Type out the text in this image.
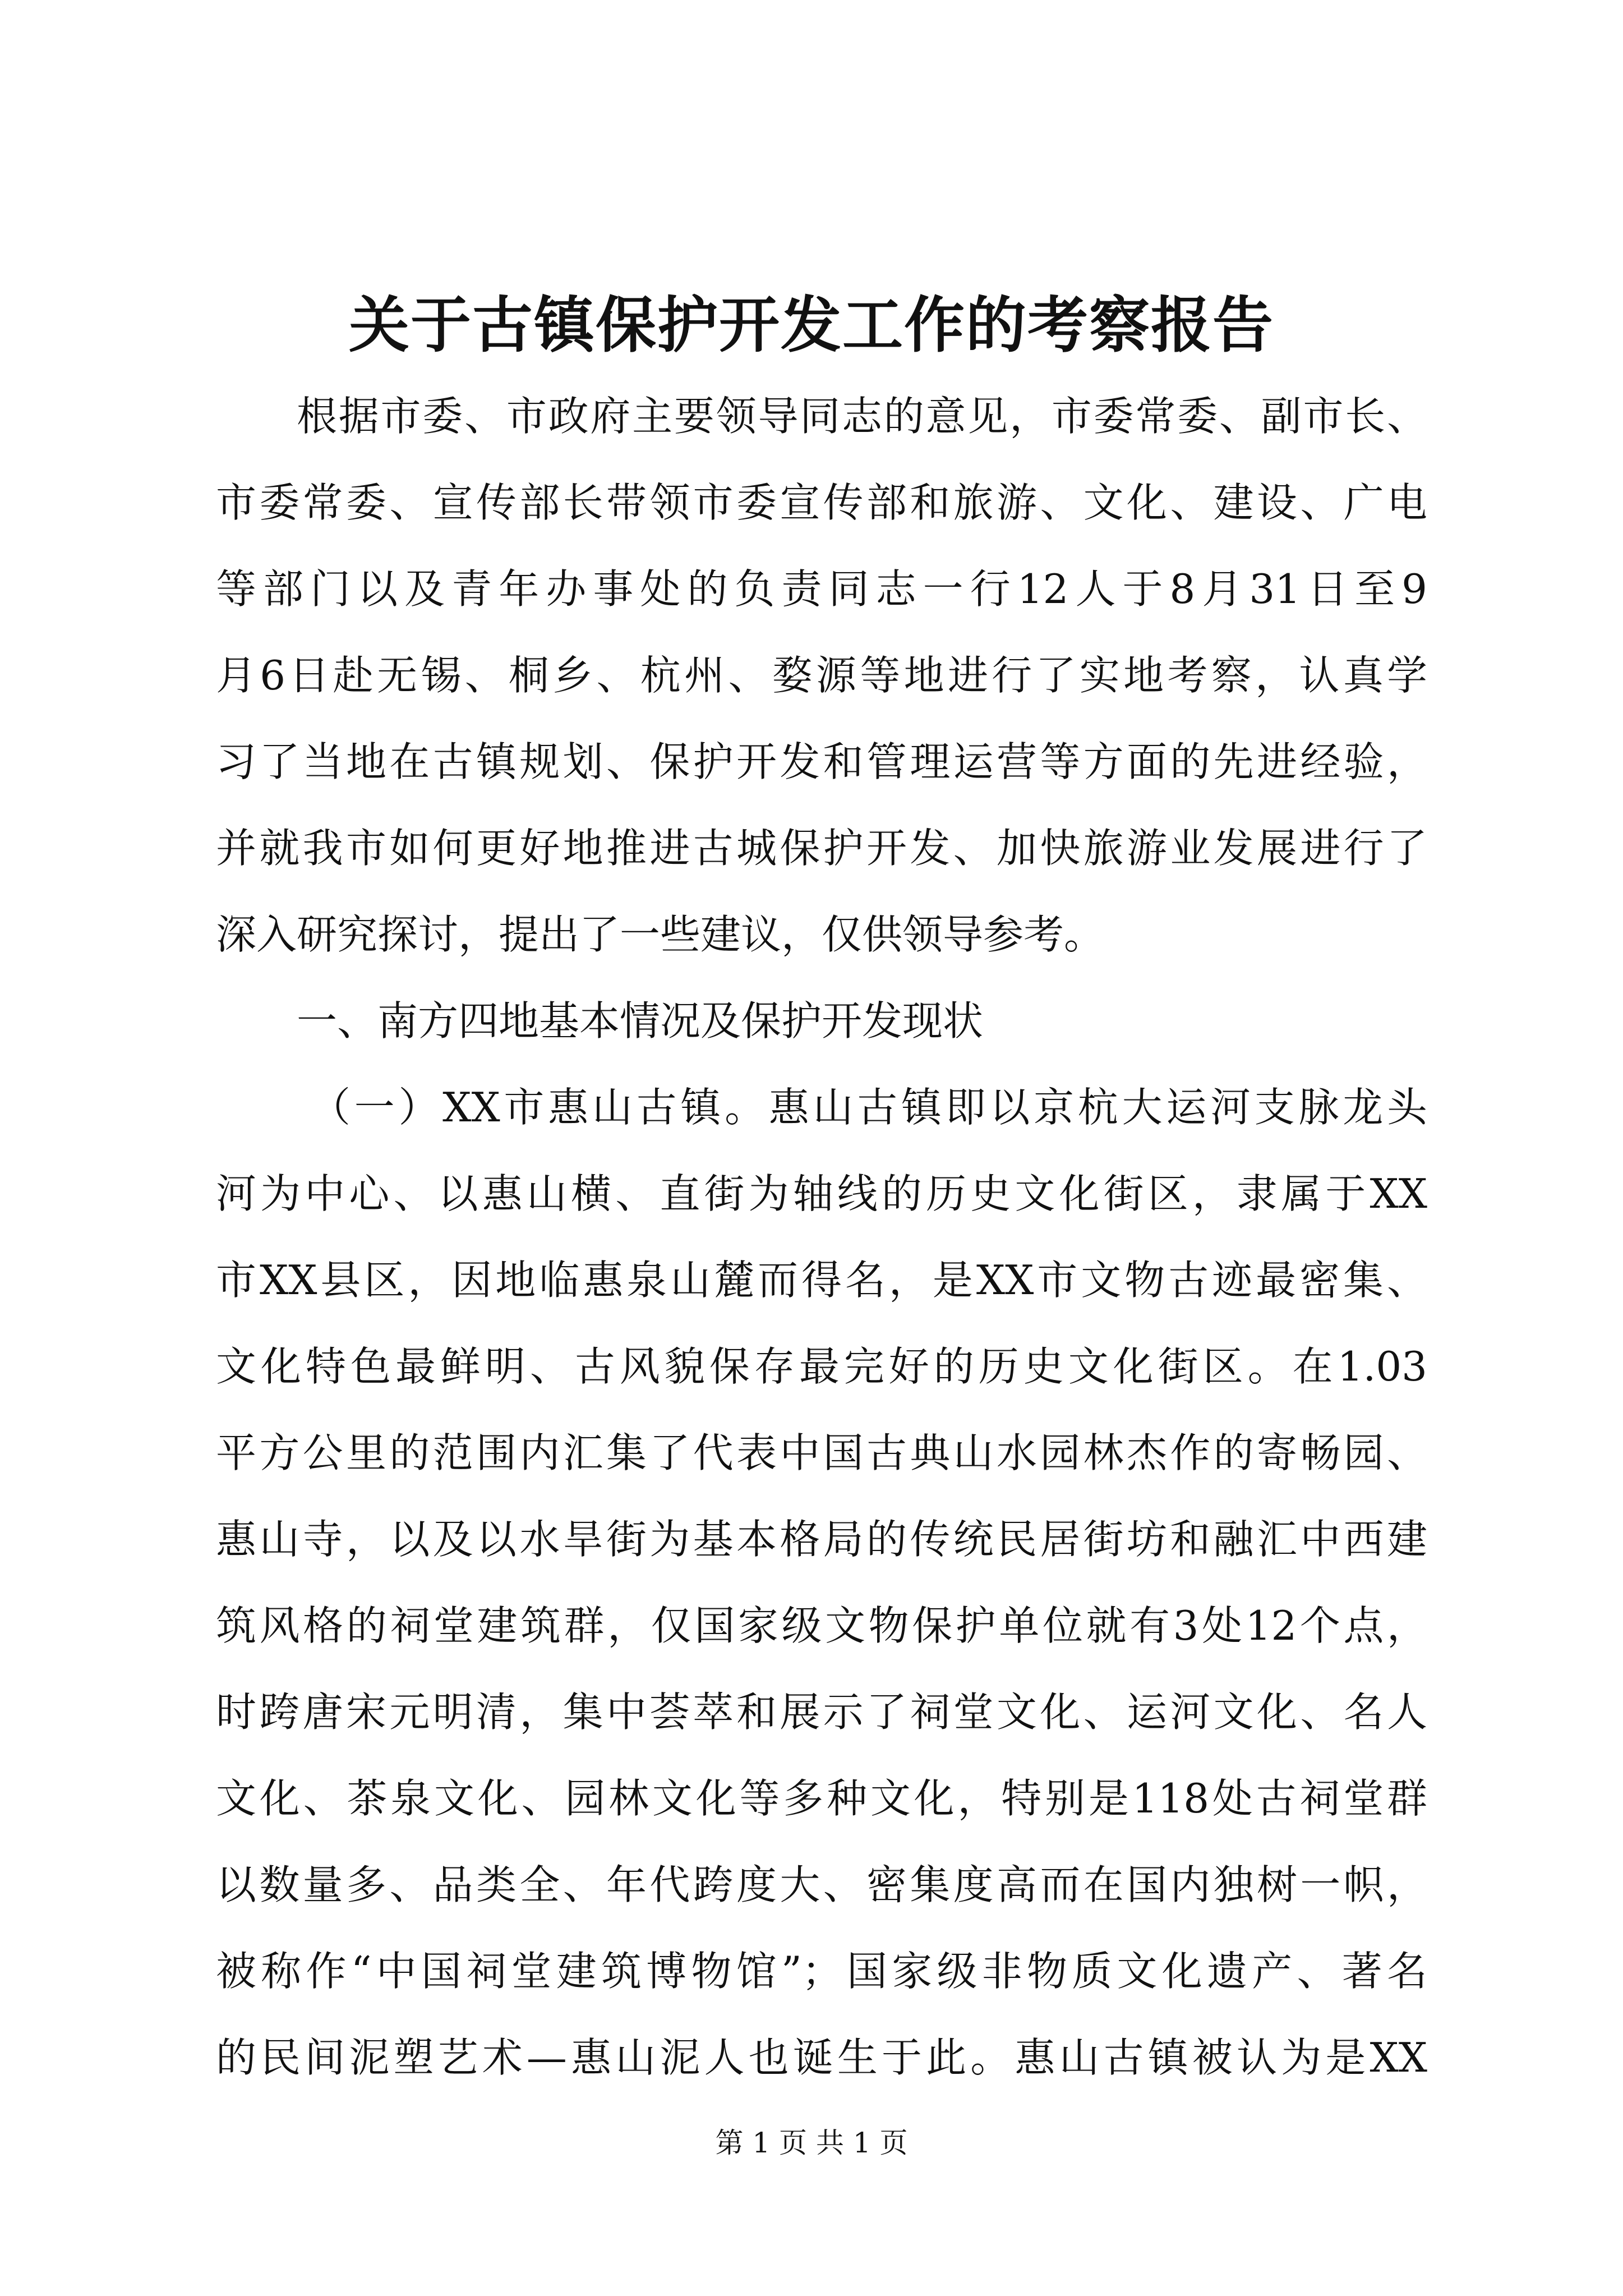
关于古镇保护开发工作的考察报告
根据市委、市政府主要领导同志的意见，市委常委、副市长、
市委常委、宣传部长带领市委宣传部和旅游、文化、建设、广电
等部门以及青年办事处的负责同志一行12人于8月31日至9
月6日赴无锡、桐乡、杭州、婺源等地进行了实地考察，认真学
习了当地在古镇规划、保护开发和管理运营等方面的先进经验，
并就我市如何更好地推进古城保护开发、加快旅游业发展进行了
深入研究探讨，提出了一些建议，仅供领导参考。
一、南方四地基本情况及保护开发现状
（一）XX市惠山古镇。惠山古镇即以京杭大运河支脉龙头
河为中心、以惠山横、直街为轴线的历史文化街区，隶属于XX
市XX县区，因地临惠泉山麓而得名，是XX市文物古迹最密集、
文化特色最鲜明、古风貌保存最完好的历史文化街区。在1.03
平方公里的范围内汇集了代表中国古典山水园林杰作的寄畅园、
惠山寺，以及以水旱街为基本格局的传统民居街坊和融汇中西建
筑风格的祠堂建筑群，仅国家级文物保护单位就有3处12个点，
时跨唐宋元明清，集中荟萃和展示了祠堂文化、运河文化、名人
文化、茶泉文化、园林文化等多种文化，特别是118处古祠堂群
以数量多、品类全、年代跨度大、密集度高而在国内独树一帜，
被称作“中国祠堂建筑博物馆”；国家级非物质文化遗产、著名
的民间泥塑艺术—惠山泥人也诞生于此。惠山古镇被认为是XX
第 1 页 共 1 页
